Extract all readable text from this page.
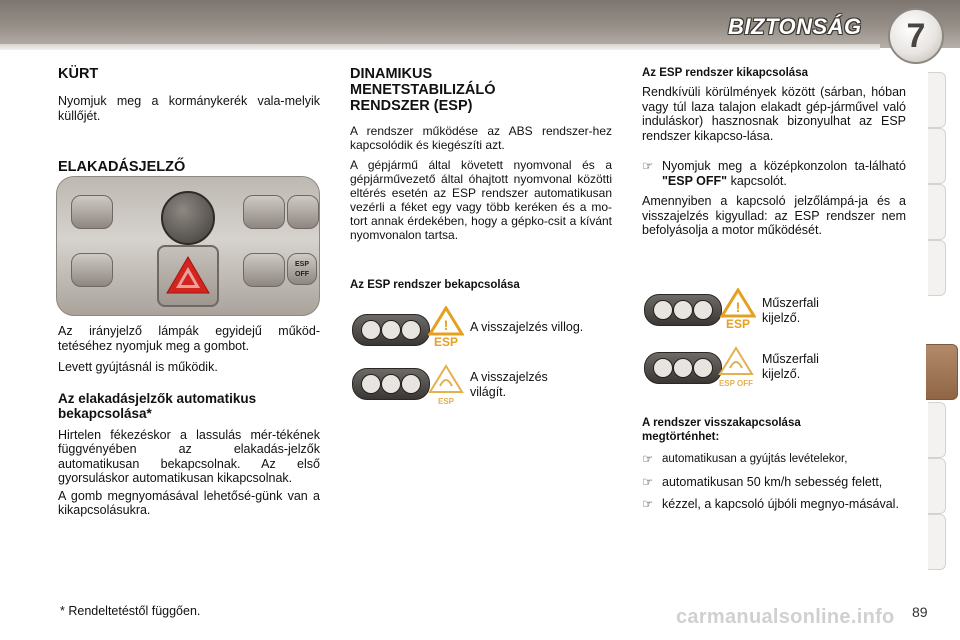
BIZTONSÁG	7
KÜRT

Nyomjuk meg a kormánykerék vala-melyik küllőjét.

ELAKADÁSJELZŐ
ESP OFF

Az irányjelző lámpák egyidejű működ-tetéséhez nyomjuk meg a gombot.

Levett gyújtásnál is működik.

Az elakadásjelzők automatikus bekapcsolása*

Hirtelen fékezéskor a lassulás mér-tékének függvényében az elakadás-jelzők automatikusan bekapcsolnak. Az első gyorsuláskor automatikusan kikapcsolnak.

A gomb megnyomásával lehetősé-günk van a kikapcsolásukra.

DINAMIKUS MENETSTABILIZÁLÓ RENDSZER (ESP)

A rendszer működése az ABS rendszer-hez kapcsolódik és kiegészíti azt.

A gépjármű által követett nyomvonal és a gépjárművezető által óhajtott nyomvonal közötti eltérés esetén az ESP rendszer automatikusan vezérli a féket egy vagy több keréken és a mo-tort annak érdekében, hogy a gépko-csit a kívánt nyomvonalon tartsa.

Az ESP rendszer bekapcsolása
!
ESP
A visszajelzés villog.
ESP
A visszajelzés világít.
Az ESP rendszer kikapcsolása

Rendkívüli körülmények között (sárban, hóban vagy túl laza talajon elakadt gép-járművel való induláskor) hasznosnak bizonyulhat az ESP rendszer kikapcso-lása.

☞ Nyomjuk meg a középkonzolon ta-lálható "ESP OFF" kapcsolót.

Amennyiben a kapcsoló jelzőlámpá-ja és a visszajelzés kigyullad: az ESP rendszer nem befolyásolja a motor működését.

!
ESP
Műszerfali kijelző.
ESP OFF
Műszerfali kijelző.
A rendszer visszakapcsolása megtörténhet:
☞ automatikusan a gyújtás levételekor,

☞ automatikusan 50 km/h sebesség felett,

☞ kézzel, a kapcsoló újbóli megnyo-másával.

* Rendeltetéstől függően.	carmanualsonline.info 89
